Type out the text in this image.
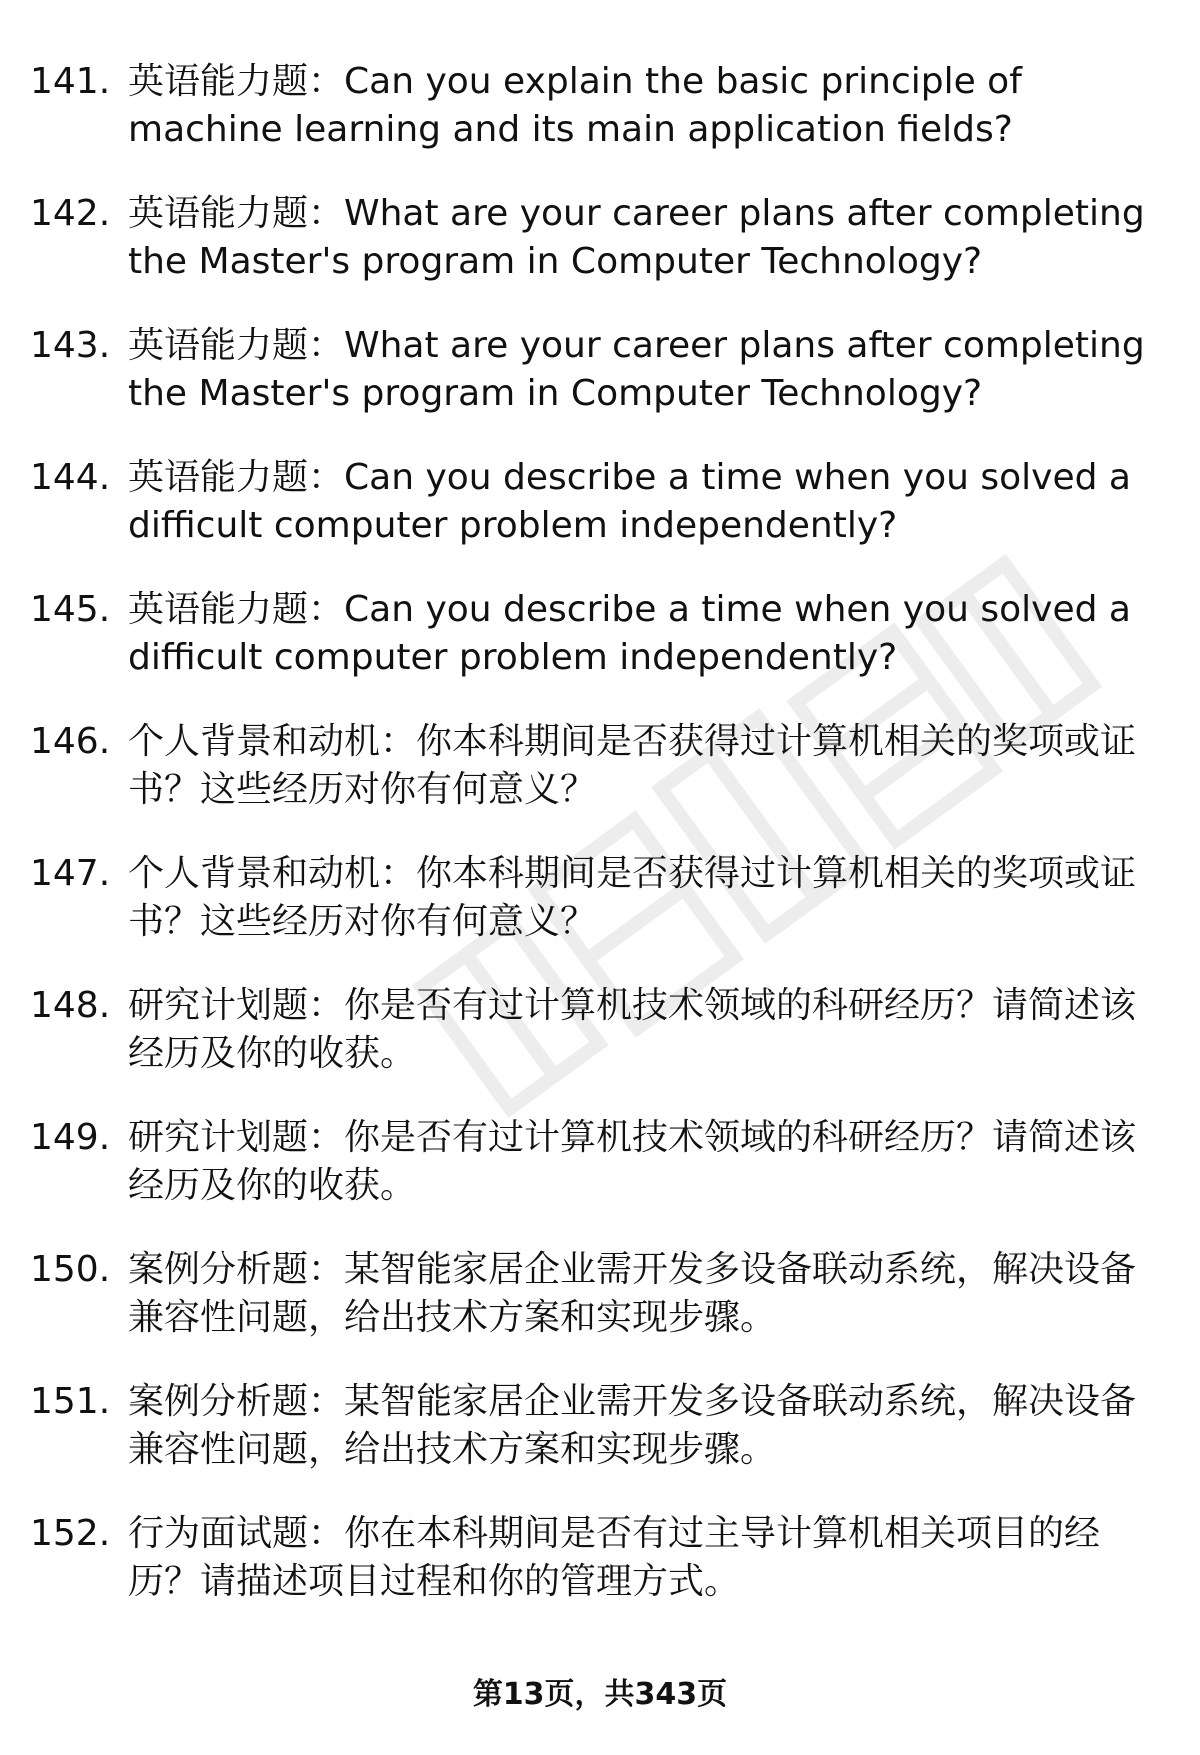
141. 英语能力题：Can you explain the basic principle of machine learning and its main application fields?
142. 英语能力题：What are your career plans after completing the Master's program in Computer Technology?
143. 英语能力题：What are your career plans after completing the Master's program in Computer Technology?
144. 英语能力题：Can you describe a time when you solved a difficult computer problem independently?
145. 英语能力题：Can you describe a time when you solved a difficult computer problem independently?
146. 个人背景和动机：你本科期间是否获得过计算机相关的奖项或证书？这些经历对你有何意义？
147. 个人背景和动机：你本科期间是否获得过计算机相关的奖项或证书？这些经历对你有何意义？
148. 研究计划题：你是否有过计算机技术领域的科研经历？请简述该经历及你的收获。
149. 研究计划题：你是否有过计算机技术领域的科研经历？请简述该经历及你的收获。
150. 案例分析题：某智能家居企业需开发多设备联动系统，解决设备兼容性问题，给出技术方案和实现步骤。
151. 案例分析题：某智能家居企业需开发多设备联动系统，解决设备兼容性问题，给出技术方案和实现步骤。
152. 行为面试题：你在本科期间是否有过主导计算机相关项目的经历？请描述项目过程和你的管理方式。
第13页，共343页
